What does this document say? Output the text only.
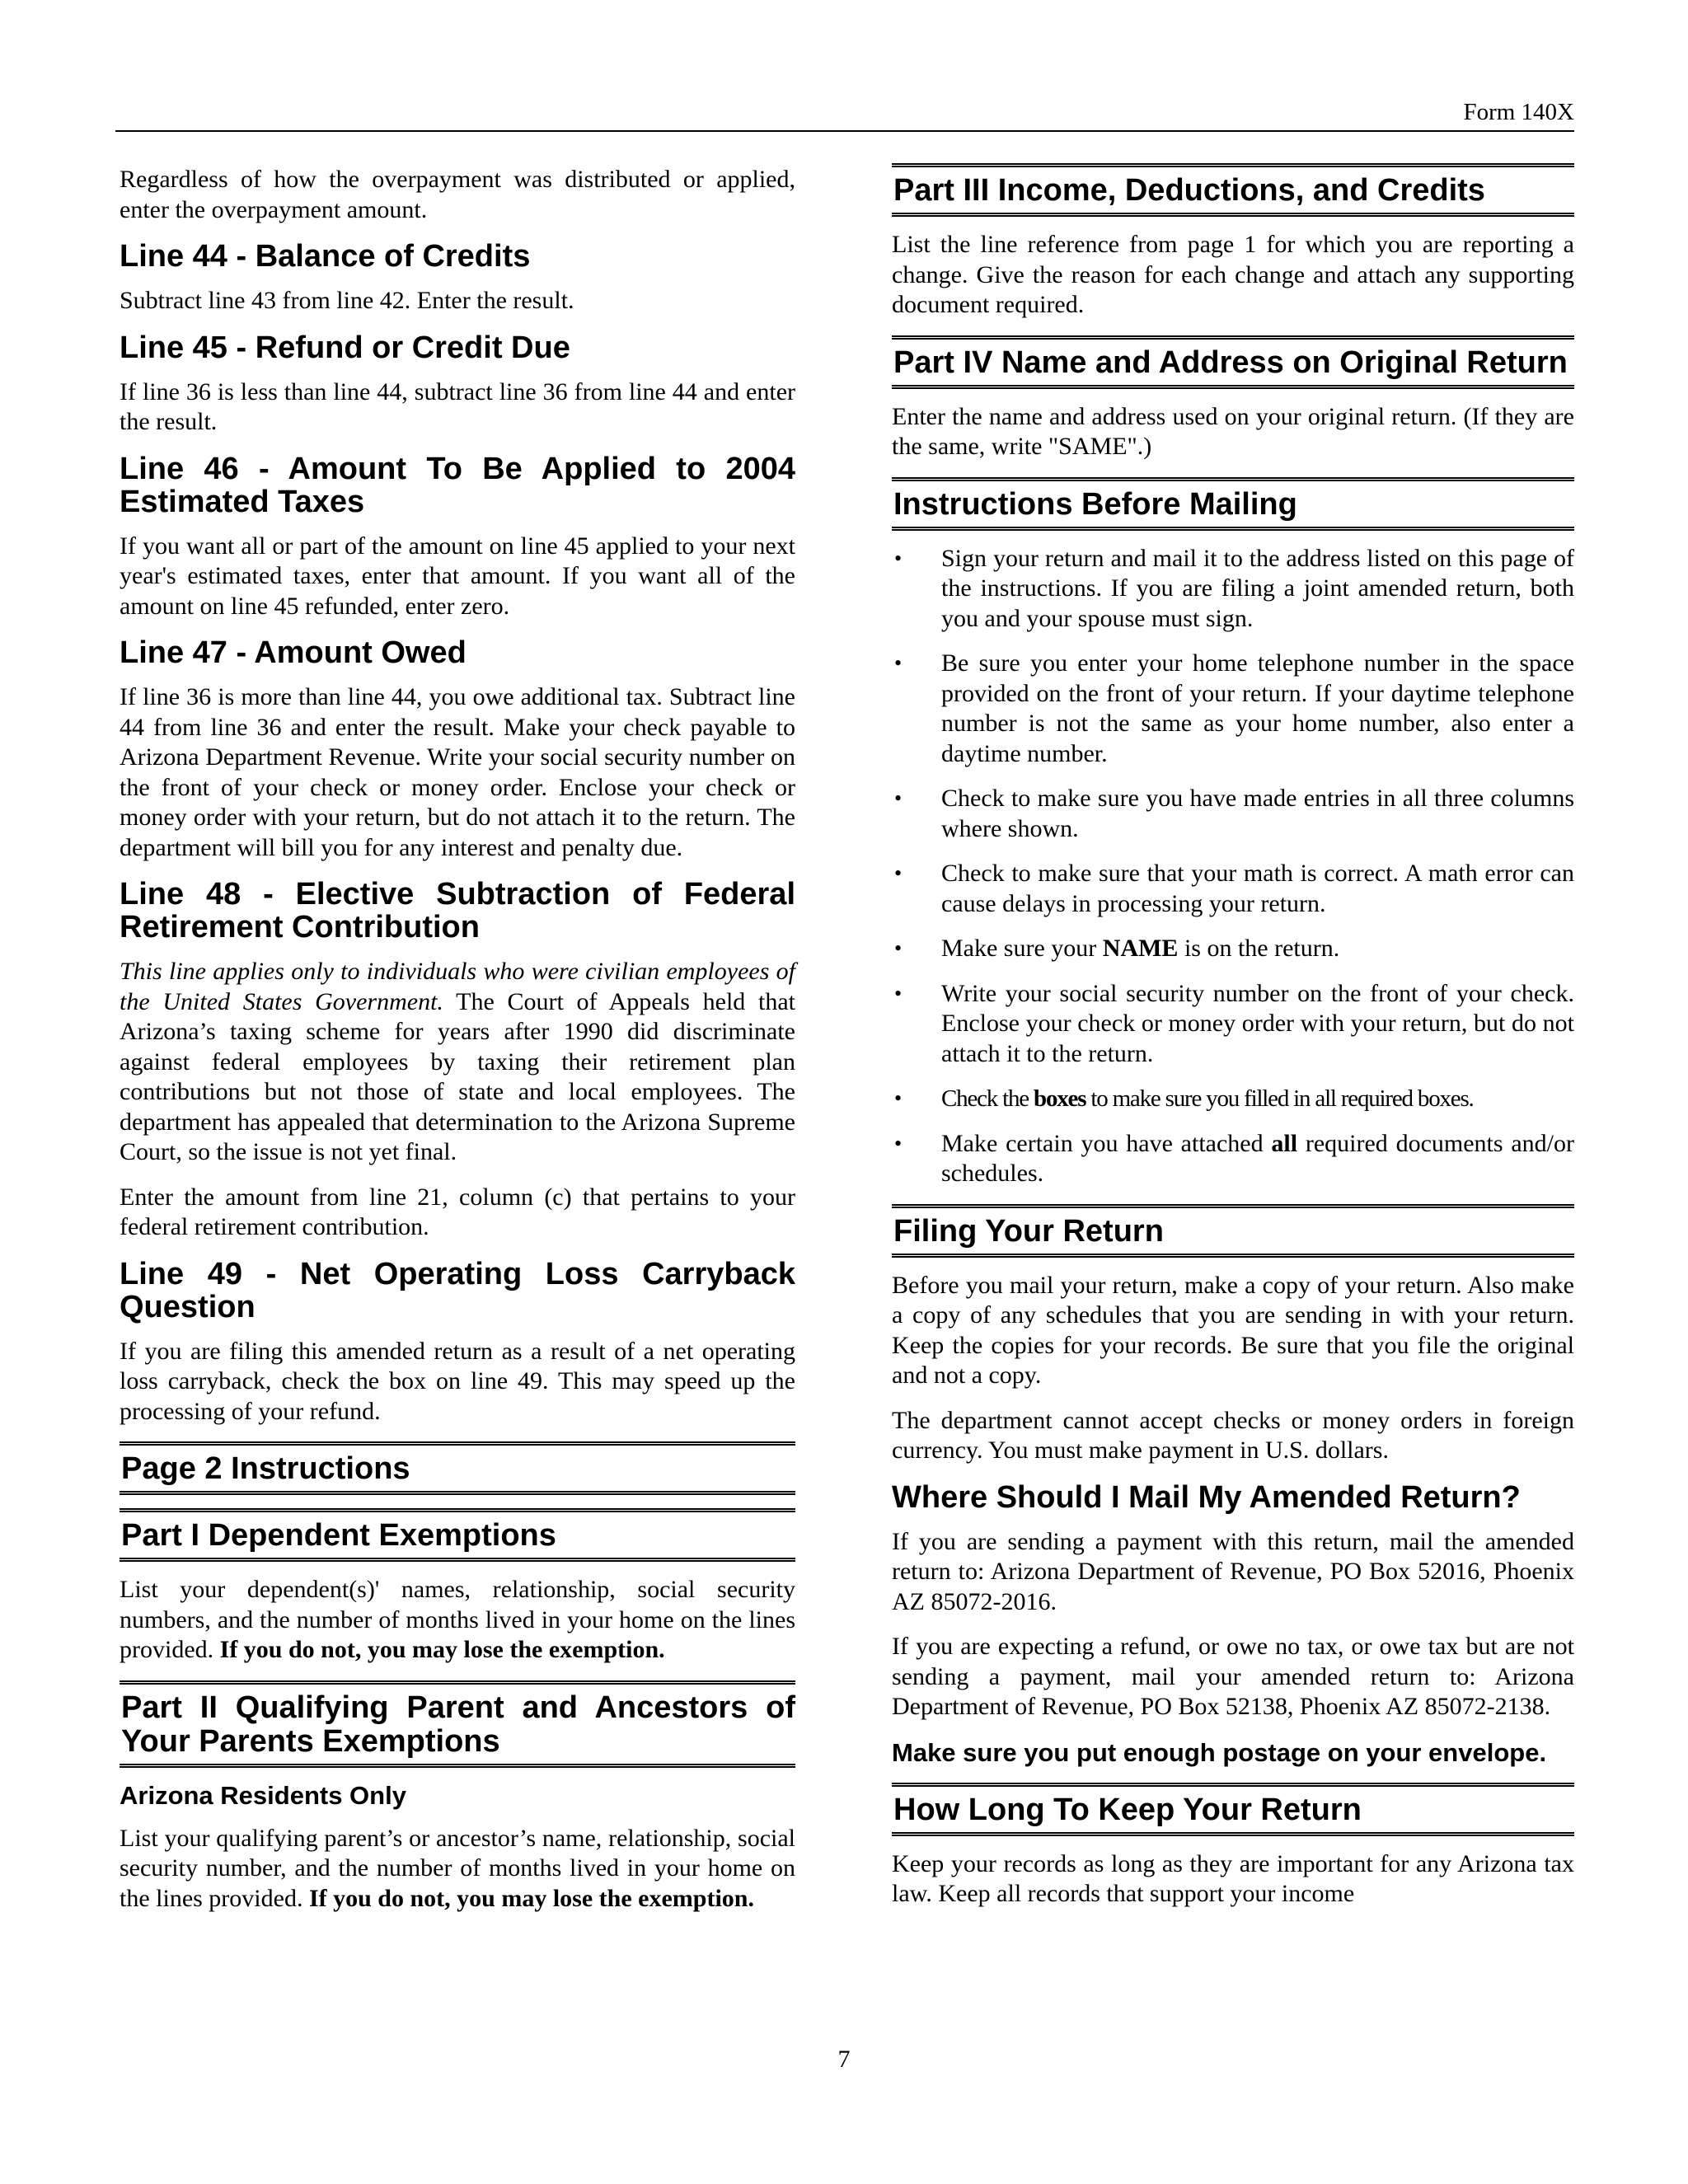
Form 140X

Regardless of how the overpayment was distributed or applied, enter the overpayment amount.

Line 44 - Balance of Credits

Subtract line 43 from line 42. Enter the result.

Line 45 - Refund or Credit Due

If line 36 is less than line 44, subtract line 36 from line 44 and enter the result.

Line 46 - Amount To Be Applied to 2004 Estimated Taxes

If you want all or part of the amount on line 45 applied to your next year's estimated taxes, enter that amount. If you want all of the amount on line 45 refunded, enter zero.

Line 47 - Amount Owed

If line 36 is more than line 44, you owe additional tax. Subtract line 44 from line 36 and enter the result. Make your check payable to Arizona Department Revenue. Write your social security number on the front of your check or money order. Enclose your check or money order with your return, but do not attach it to the return. The department will bill you for any interest and penalty due.

Line 48 - Elective Subtraction of Federal Retirement Contribution

This line applies only to individuals who were civilian employees of the United States Government. The Court of Appeals held that Arizona’s taxing scheme for years after 1990 did discriminate against federal employees by taxing their retirement plan contributions but not those of state and local employees. The department has appealed that determination to the Arizona Supreme Court, so the issue is not yet final.

Enter the amount from line 21, column (c) that pertains to your federal retirement contribution.

Line 49 - Net Operating Loss Carryback Question

If you are filing this amended return as a result of a net operating loss carryback, check the box on line 49. This may speed up the processing of your refund.

Page 2 Instructions
Part I Dependent Exemptions

List your dependent(s)' names, relationship, social security numbers, and the number of months lived in your home on the lines provided. If you do not, you may lose the exemption.

Part II Qualifying Parent and Ancestors of Your Parents Exemptions
Arizona Residents Only

List your qualifying parent’s or ancestor’s name, relationship, social security number, and the number of months lived in your home on the lines provided. If you do not, you may lose the exemption.

Part III Income, Deductions, and Credits

List the line reference from page 1 for which you are reporting a change. Give the reason for each change and attach any supporting document required.

Part IV Name and Address on Original Return

Enter the name and address used on your original return. (If they are the same, write "SAME".)

Instructions Before Mailing
• Sign your return and mail it to the address listed on this page of the instructions. If you are filing a joint amended return, both you and your spouse must sign.
• Be sure you enter your home telephone number in the space provided on the front of your return. If your daytime telephone number is not the same as your home number, also enter a daytime number.
• Check to make sure you have made entries in all three columns where shown.
• Check to make sure that your math is correct. A math error can cause delays in processing your return.
• Make sure your NAME is on the return.
• Write your social security number on the front of your check. Enclose your check or money order with your return, but do not attach it to the return.
• Check the boxes to make sure you filled in all required boxes.
• Make certain you have attached all required documents and/or schedules.
Filing Your Return

Before you mail your return, make a copy of your return. Also make a copy of any schedules that you are sending in with your return. Keep the copies for your records. Be sure that you file the original and not a copy.

The department cannot accept checks or money orders in foreign currency. You must make payment in U.S. dollars.

Where Should I Mail My Amended Return?

If you are sending a payment with this return, mail the amended return to: Arizona Department of Revenue, PO Box 52016, Phoenix AZ 85072-2016.

If you are expecting a refund, or owe no tax, or owe tax but are not sending a payment, mail your amended return to: Arizona Department of Revenue, PO Box 52138, Phoenix AZ 85072-2138.

Make sure you put enough postage on your envelope.
How Long To Keep Your Return

Keep your records as long as they are important for any Arizona tax law. Keep all records that support your income

7
